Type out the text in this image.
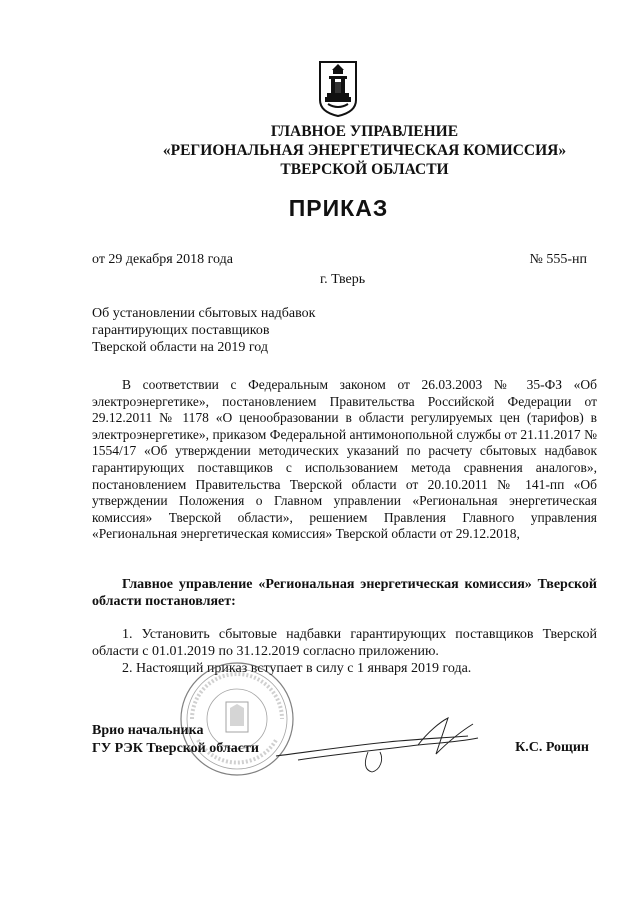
ГЛАВНОЕ УПРАВЛЕНИЕ
«РЕГИОНАЛЬНАЯ ЭНЕРГЕТИЧЕСКАЯ КОМИССИЯ»
ТВЕРСКОЙ ОБЛАСТИ
ПРИКАЗ
от 29 декабря 2018 года	№ 555-нп
г. Тверь
Об установлении сбытовых надбавок
гарантирующих поставщиков
Тверской области на 2019 год
В соответствии с Федеральным законом от 26.03.2003 № 35-ФЗ «Об электроэнергетике», постановлением Правительства Российской Федерации от 29.12.2011 № 1178 «О ценообразовании в области регулируемых цен (тарифов) в электроэнергетике», приказом Федеральной антимонопольной службы от 21.11.2017 № 1554/17 «Об утверждении методических указаний по расчету сбытовых надбавок гарантирующих поставщиков с использованием метода сравнения аналогов», постановлением Правительства Тверской области от 20.10.2011 № 141-пп «Об утверждении Положения о Главном управлении «Региональная энергетическая комиссия» Тверской области», решением Правления Главного управления «Региональная энергетическая комиссия» Тверской области от 29.12.2018,
Главное управление «Региональная энергетическая комиссия» Тверской области постановляет:

1. Установить сбытовые надбавки гарантирующих поставщиков Тверской области с 01.01.2019 по 31.12.2019 согласно приложению.

2. Настоящий приказ вступает в силу с 1 января 2019 года.

Врио начальника
ГУ РЭК Тверской области	К.С. Рощин
